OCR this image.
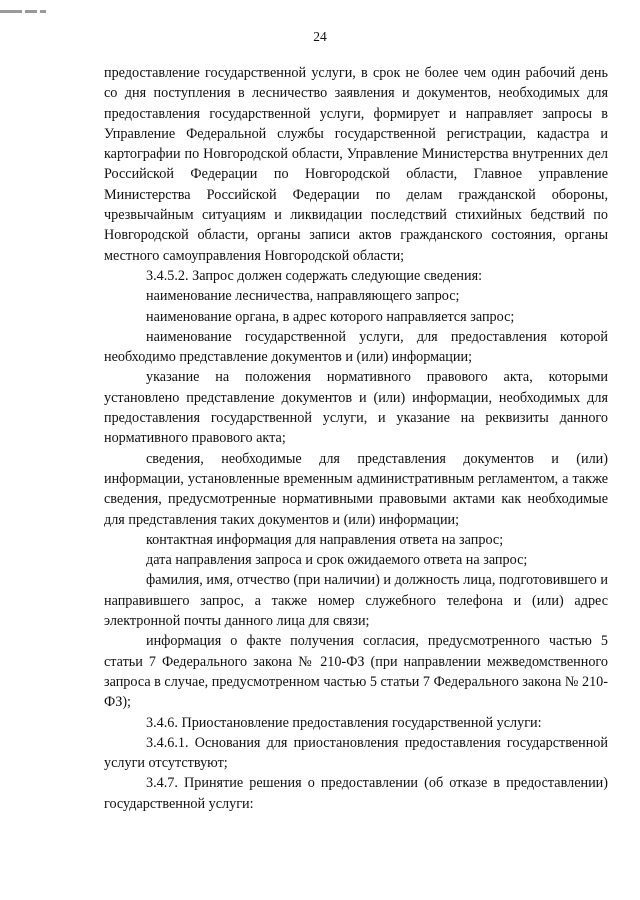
24

предоставление государственной услуги, в срок не более чем один рабочий день со дня поступления в лесничество заявления и документов, необходимых для предоставления государственной услуги, формирует и направляет запросы в Управление Федеральной службы государственной регистрации, кадастра и картографии по Новгородской области, Управление Министерства внутренних дел Российской Федерации по Новгородской области, Главное управление Министерства Российской Федерации по делам гражданской обороны, чрезвычайным ситуациям и ликвидации последствий стихийных бедствий по Новгородской области, органы записи актов гражданского состояния, органы местного самоуправления Новгородской области;

3.4.5.2. Запрос должен содержать следующие сведения:

наименование лесничества, направляющего запрос;

наименование органа, в адрес которого направляется запрос;

наименование государственной услуги, для предоставления которой необходимо представление документов и (или) информации;

указание на положения нормативного правового акта, которыми установлено представление документов и (или) информации, необходимых для предоставления государственной услуги, и указание на реквизиты данного нормативного правового акта;

сведения, необходимые для представления документов и (или) информации, установленные временным административным регламентом, а также сведения, предусмотренные нормативными правовыми актами как необходимые для представления таких документов и (или) информации;

контактная информация для направления ответа на запрос;

дата направления запроса и срок ожидаемого ответа на запрос;

фамилия, имя, отчество (при наличии) и должность лица, подготовившего и направившего запрос, а также номер служебного телефона и (или) адрес электронной почты данного лица для связи;

информация о факте получения согласия, предусмотренного частью 5 статьи 7 Федерального закона № 210-ФЗ (при направлении межведомственного запроса в случае, предусмотренном частью 5 статьи 7 Федерального закона № 210-ФЗ);

3.4.6. Приостановление предоставления государственной услуги:

3.4.6.1. Основания для приостановления предоставления государственной услуги отсутствуют;

3.4.7. Принятие решения о предоставлении (об отказе в предоставлении) государственной услуги:
